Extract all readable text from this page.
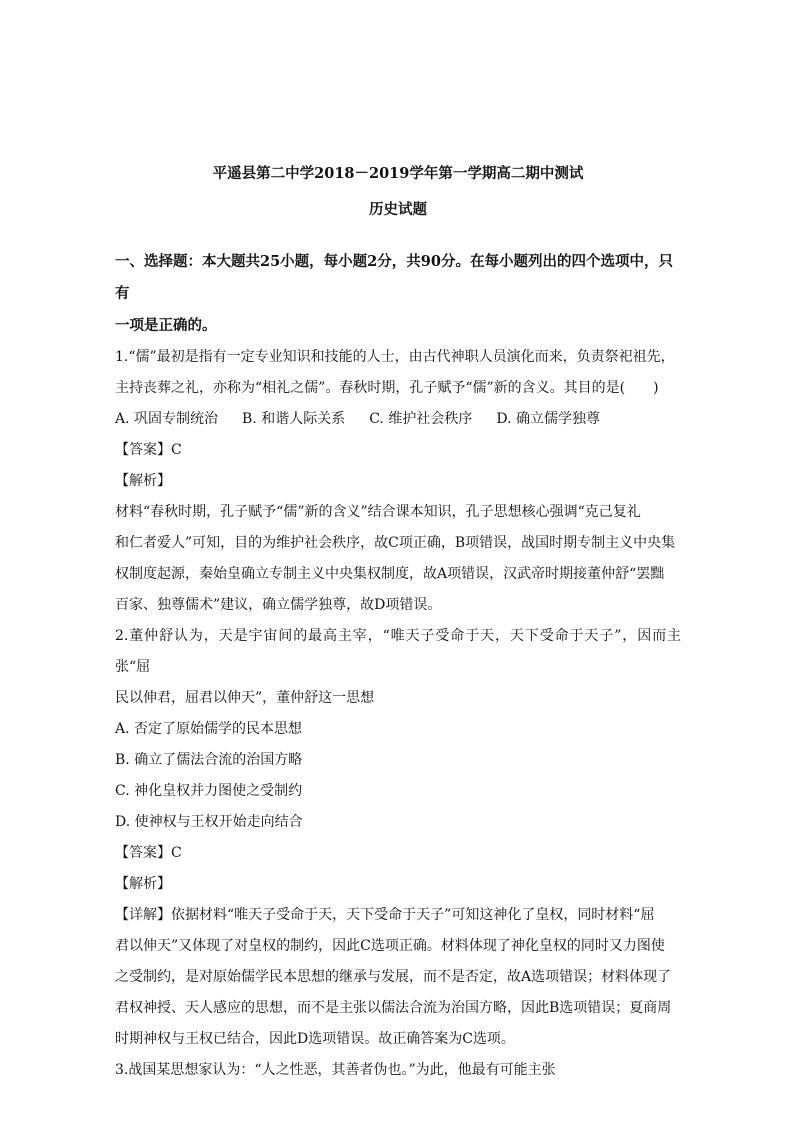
平遥县第二中学2018－2019学年第一学期高二期中测试
历史试题
一、选择题：本大题共25小题，每小题2分，共90分。在每小题列出的四个选项中，只有
一项是正确的。
1.“儒”最初是指有一定专业知识和技能的人士，由古代神职人员演化而来，负责祭祀祖先，
主持丧葬之礼，亦称为“相礼之儒”。春秋时期，孔子赋予“儒”新的含义。其目的是(　　)
A. 巩固专制统治 B. 和谐人际关系 C. 维护社会秩序 D. 确立儒学独尊
【答案】C
【解析】
材料“春秋时期，孔子赋予“儒”新的含义”结合课本知识，孔子思想核心强调“克己复礼
和仁者爱人”可知，目的为维护社会秩序，故C项正确，B项错误，战国时期专制主义中央集
权制度起源，秦始皇确立专制主义中央集权制度，故A项错误，汉武帝时期接董仲舒“罢黜
百家、独尊儒术”建议，确立儒学独尊，故D项错误。
2.董仲舒认为，天是宇宙间的最高主宰，“唯天子受命于天，天下受命于天子”，因而主张“屈
民以伸君，屈君以伸天”，董仲舒这一思想
A. 否定了原始儒学的民本思想
B. 确立了儒法合流的治国方略
C. 神化皇权并力图使之受制约
D. 使神权与王权开始走向结合
【答案】C
【解析】
【详解】依据材料“唯天子受命于天，天下受命于天子”可知这神化了皇权，同时材料“屈
君以伸天”又体现了对皇权的制约，因此C选项正确。材料体现了神化皇权的同时又力图使
之受制约，是对原始儒学民本思想的继承与发展，而不是否定，故A选项错误；材料体现了
君权神授、天人感应的思想，而不是主张以儒法合流为治国方略，因此B选项错误；夏商周
时期神权与王权已结合，因此D选项错误。故正确答案为C选项。
3.战国某思想家认为：“人之性恶，其善者伪也。”为此，他最有可能主张
